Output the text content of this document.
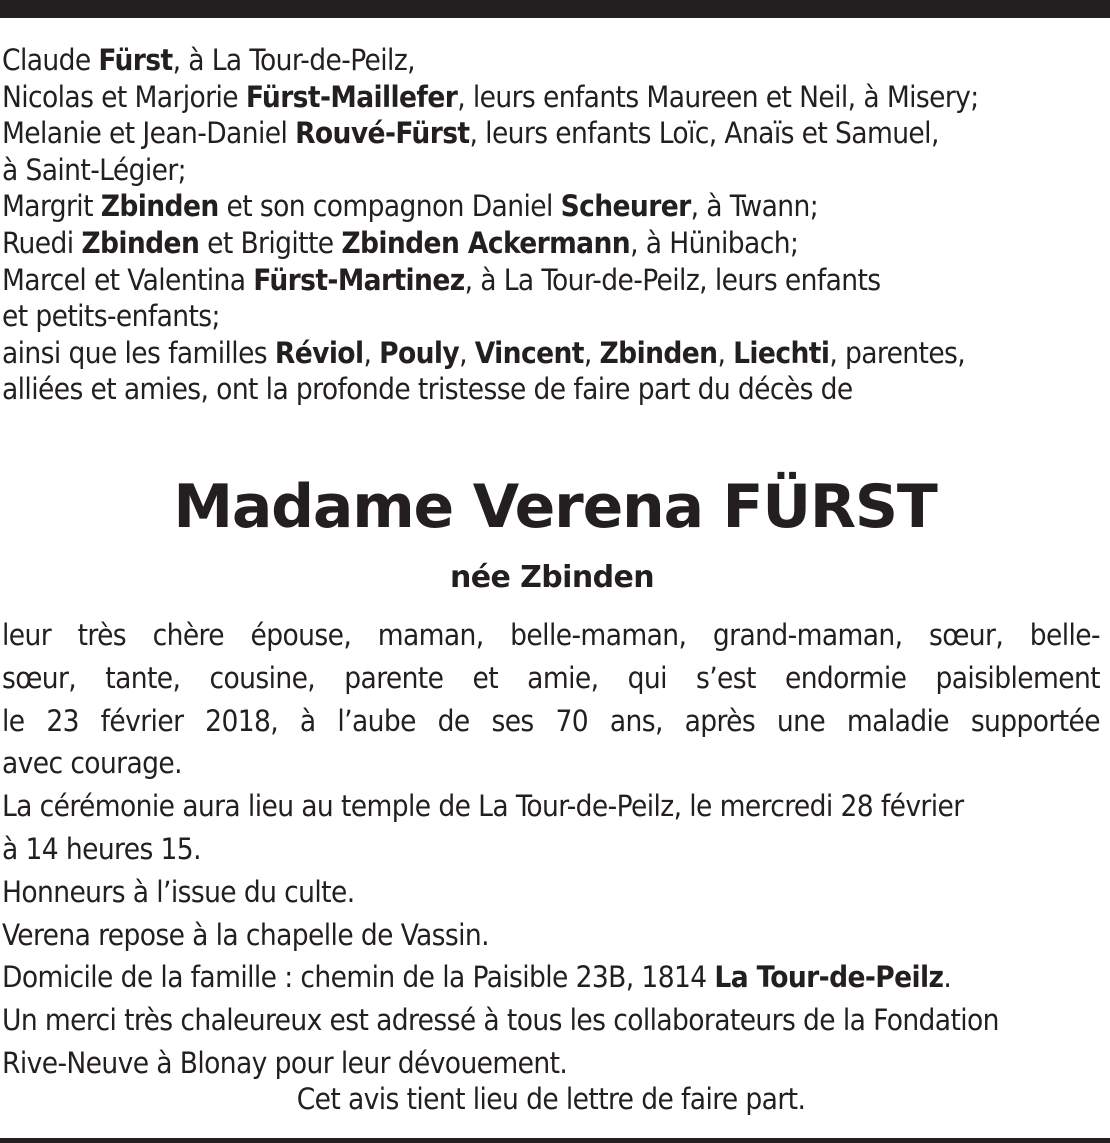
Claude Fürst, à La Tour-de-Peilz,
Nicolas et Marjorie Fürst-Maillefer, leurs enfants Maureen et Neil, à Misery;
Melanie et Jean-Daniel Rouvé-Fürst, leurs enfants Loïc, Anaïs et Samuel,
à Saint-Légier;
Margrit Zbinden et son compagnon Daniel Scheurer, à Twann;
Ruedi Zbinden et Brigitte Zbinden Ackermann, à Hünibach;
Marcel et Valentina Fürst-Martinez, à La Tour-de-Peilz, leurs enfants
et petits-enfants;
ainsi que les familles Réviol, Pouly, Vincent, Zbinden, Liechti, parentes,
alliées et amies, ont la profonde tristesse de faire part du décès de
Madame Verena FÜRST
née Zbinden
leur très chère épouse, maman, belle-maman, grand-maman, sœur, belle-
sœur, tante, cousine, parente et amie, qui s’est endormie paisiblement
le 23 février 2018, à l’aube de ses 70 ans, après une maladie supportée
avec courage.
La cérémonie aura lieu au temple de La Tour-de-Peilz, le mercredi 28 février
à 14 heures 15.
Honneurs à l’issue du culte.
Verena repose à la chapelle de Vassin.
Domicile de la famille : chemin de la Paisible 23B, 1814 La Tour-de-Peilz.
Un merci très chaleureux est adressé à tous les collaborateurs de la Fondation
Rive-Neuve à Blonay pour leur dévouement.
Cet avis tient lieu de lettre de faire part.
